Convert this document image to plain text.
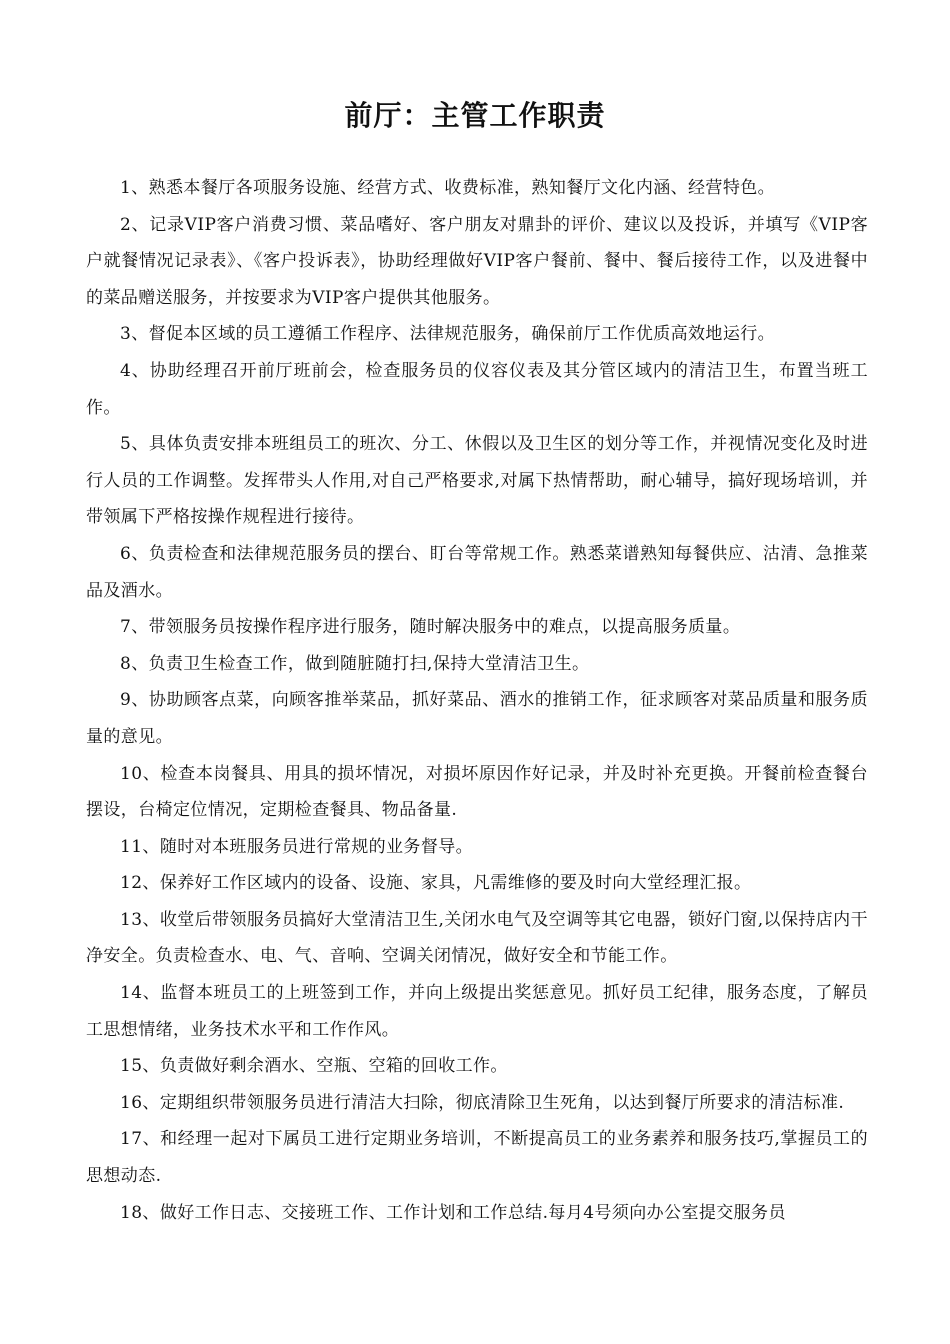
前厅：主管工作职责

1、熟悉本餐厅各项服务设施、经营方式、收费标准，熟知餐厅文化内涵、经营特色。

2、记录VIP客户消费习惯、菜品嗜好、客户朋友对鼎卦的评价、建议以及投诉，并填写《VIP客户就餐情况记录表》、《客户投诉表》，协助经理做好VIP客户餐前、餐中、餐后接待工作，以及进餐中的菜品赠送服务，并按要求为VIP客户提供其他服务。

3、督促本区域的员工遵循工作程序、法律规范服务，确保前厅工作优质高效地运行。

4、协助经理召开前厅班前会，检查服务员的仪容仪表及其分管区域内的清洁卫生，布置当班工作。

5、具体负责安排本班组员工的班次、分工、休假以及卫生区的划分等工作，并视情况变化及时进行人员的工作调整。发挥带头人作用,对自己严格要求,对属下热情帮助，耐心辅导，搞好现场培训，并带领属下严格按操作规程进行接待。

6、负责检查和法律规范服务员的摆台、盯台等常规工作。熟悉菜谱熟知每餐供应、沽清、急推菜品及酒水。

7、带领服务员按操作程序进行服务，随时解决服务中的难点，以提高服务质量。

8、负责卫生检查工作，做到随脏随打扫,保持大堂清洁卫生。

9、协助顾客点菜，向顾客推举菜品，抓好菜品、酒水的推销工作，征求顾客对菜品质量和服务质量的意见。

10、检查本岗餐具、用具的损坏情况，对损坏原因作好记录，并及时补充更换。开餐前检查餐台摆设，台椅定位情况，定期检查餐具、物品备量.

11、随时对本班服务员进行常规的业务督导。

12、保养好工作区域内的设备、设施、家具，凡需维修的要及时向大堂经理汇报。

13、收堂后带领服务员搞好大堂清洁卫生,关闭水电气及空调等其它电器，锁好门窗,以保持店内干净安全。负责检查水、电、气、音响、空调关闭情况，做好安全和节能工作。

14、监督本班员工的上班签到工作，并向上级提出奖惩意见。抓好员工纪律，服务态度，了解员工思想情绪，业务技术水平和工作作风。

15、负责做好剩余酒水、空瓶、空箱的回收工作。

16、定期组织带领服务员进行清洁大扫除，彻底清除卫生死角，以达到餐厅所要求的清洁标准.

17、和经理一起对下属员工进行定期业务培训，不断提高员工的业务素养和服务技巧,掌握员工的思想动态.

18、做好工作日志、交接班工作、工作计划和工作总结.每月4号须向办公室提交服务员
